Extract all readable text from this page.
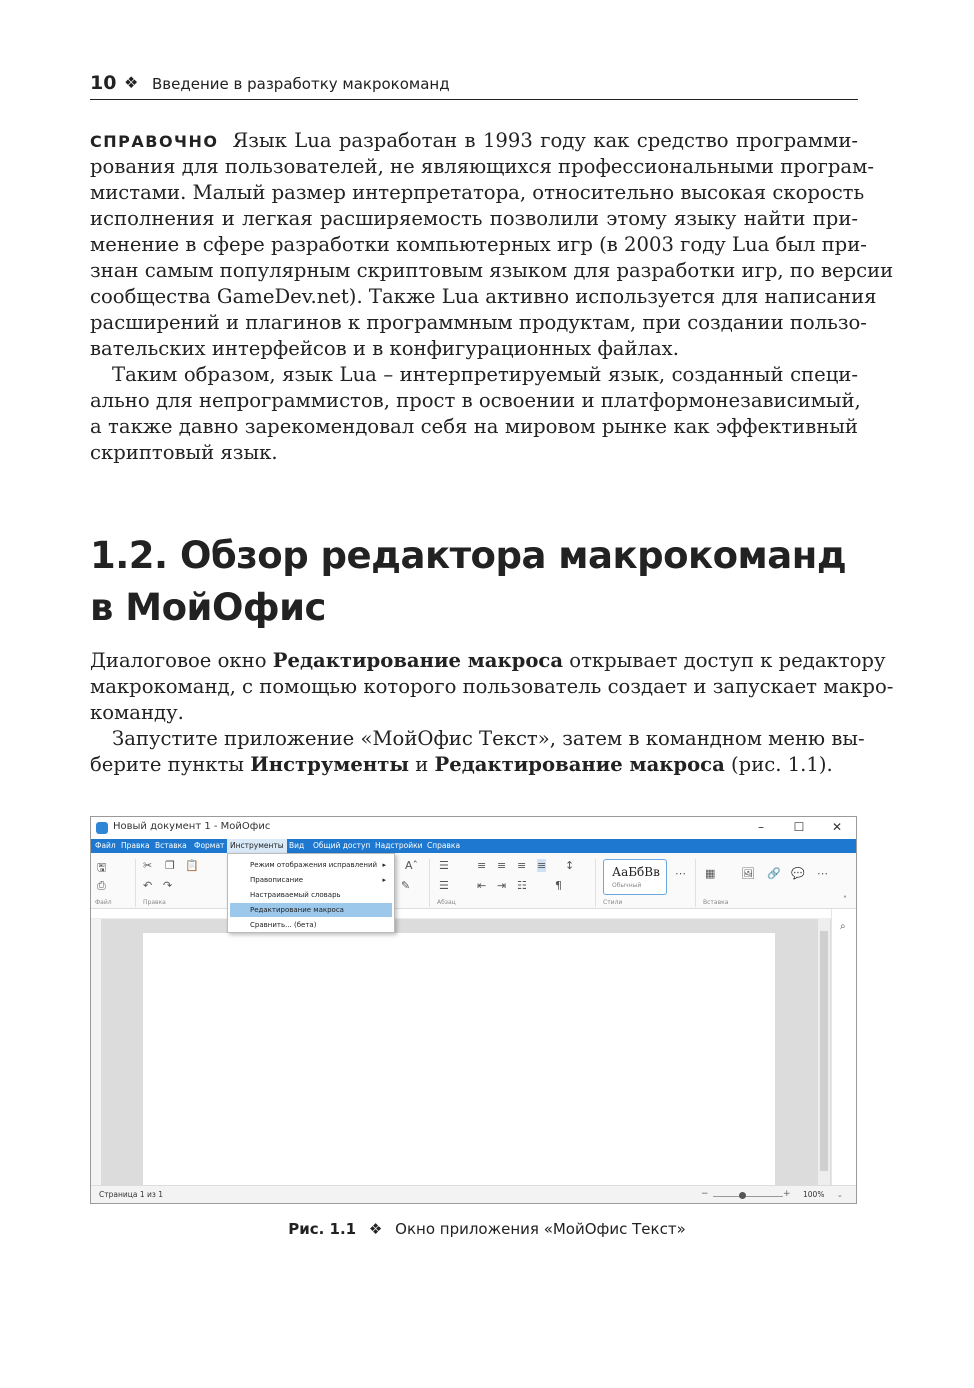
10 ❖ Введение в разработку макрокоманд
СПРАВОЧНО Язык Lua разработан в 1993 году как средство программи-
рования для пользователей, не являющихся профессиональными програм-
мистами. Малый размер интерпретатора, относительно высокая скорость
исполнения и легкая расширяемость позволили этому языку найти при-
менение в сфере разработки компьютерных игр (в 2003 году Lua был при-
знан самым популярным скриптовым языком для разработки игр, по версии
сообщества GameDev.net). Также Lua активно используется для написания
расширений и плагинов к программным продуктам, при создании пользо-
вательских интерфейсов и в конфигурационных файлах.
Таким образом, язык Lua – интерпретируемый язык, созданный специ-
ально для непрограммистов, прост в освоении и платформонезависимый,
а также давно зарекомендовал себя на мировом рынке как эффективный
скриптовый язык.
1.2. Обзор редактора макрокоманд
в МойОфис
Диалоговое окно Редактирование макроса открывает доступ к редактору
макрокоманд, с помощью которого пользователь создает и запускает макро-
команду.
Запустите приложение «МойОфис Текст», затем в командном меню вы-
берите пункты Инструменты и Редактирование макроса (рис. 1.1).
Новый документ 1 - МойОфис	–	☐	✕
Файл Правка Вставка Формат Инструменты Вид Общий доступ Надстройки Справка
🖫
⎙
Файл
✂ ❐ 📋
↶ ↷
Правка
Aˆ
✎
☰
☰
≡ ≡ ≡ ≡ ↕
⇤ ⇥ ☷	¶
Абзац
АаБбВв
Обычный
⋯
Стили
▦ 🖼 🔗 💬 ⋯
Вставка	˄
⌕
Страница 1 из 1	−	+ 100% ⌄
Режим отображения исправлений ▸
Правописание	▸
Настраиваемый словарь
Редактирование макроса
Сравнить... (бета)
Рис. 1.1 ❖ Окно приложения «МойОфис Текст»
